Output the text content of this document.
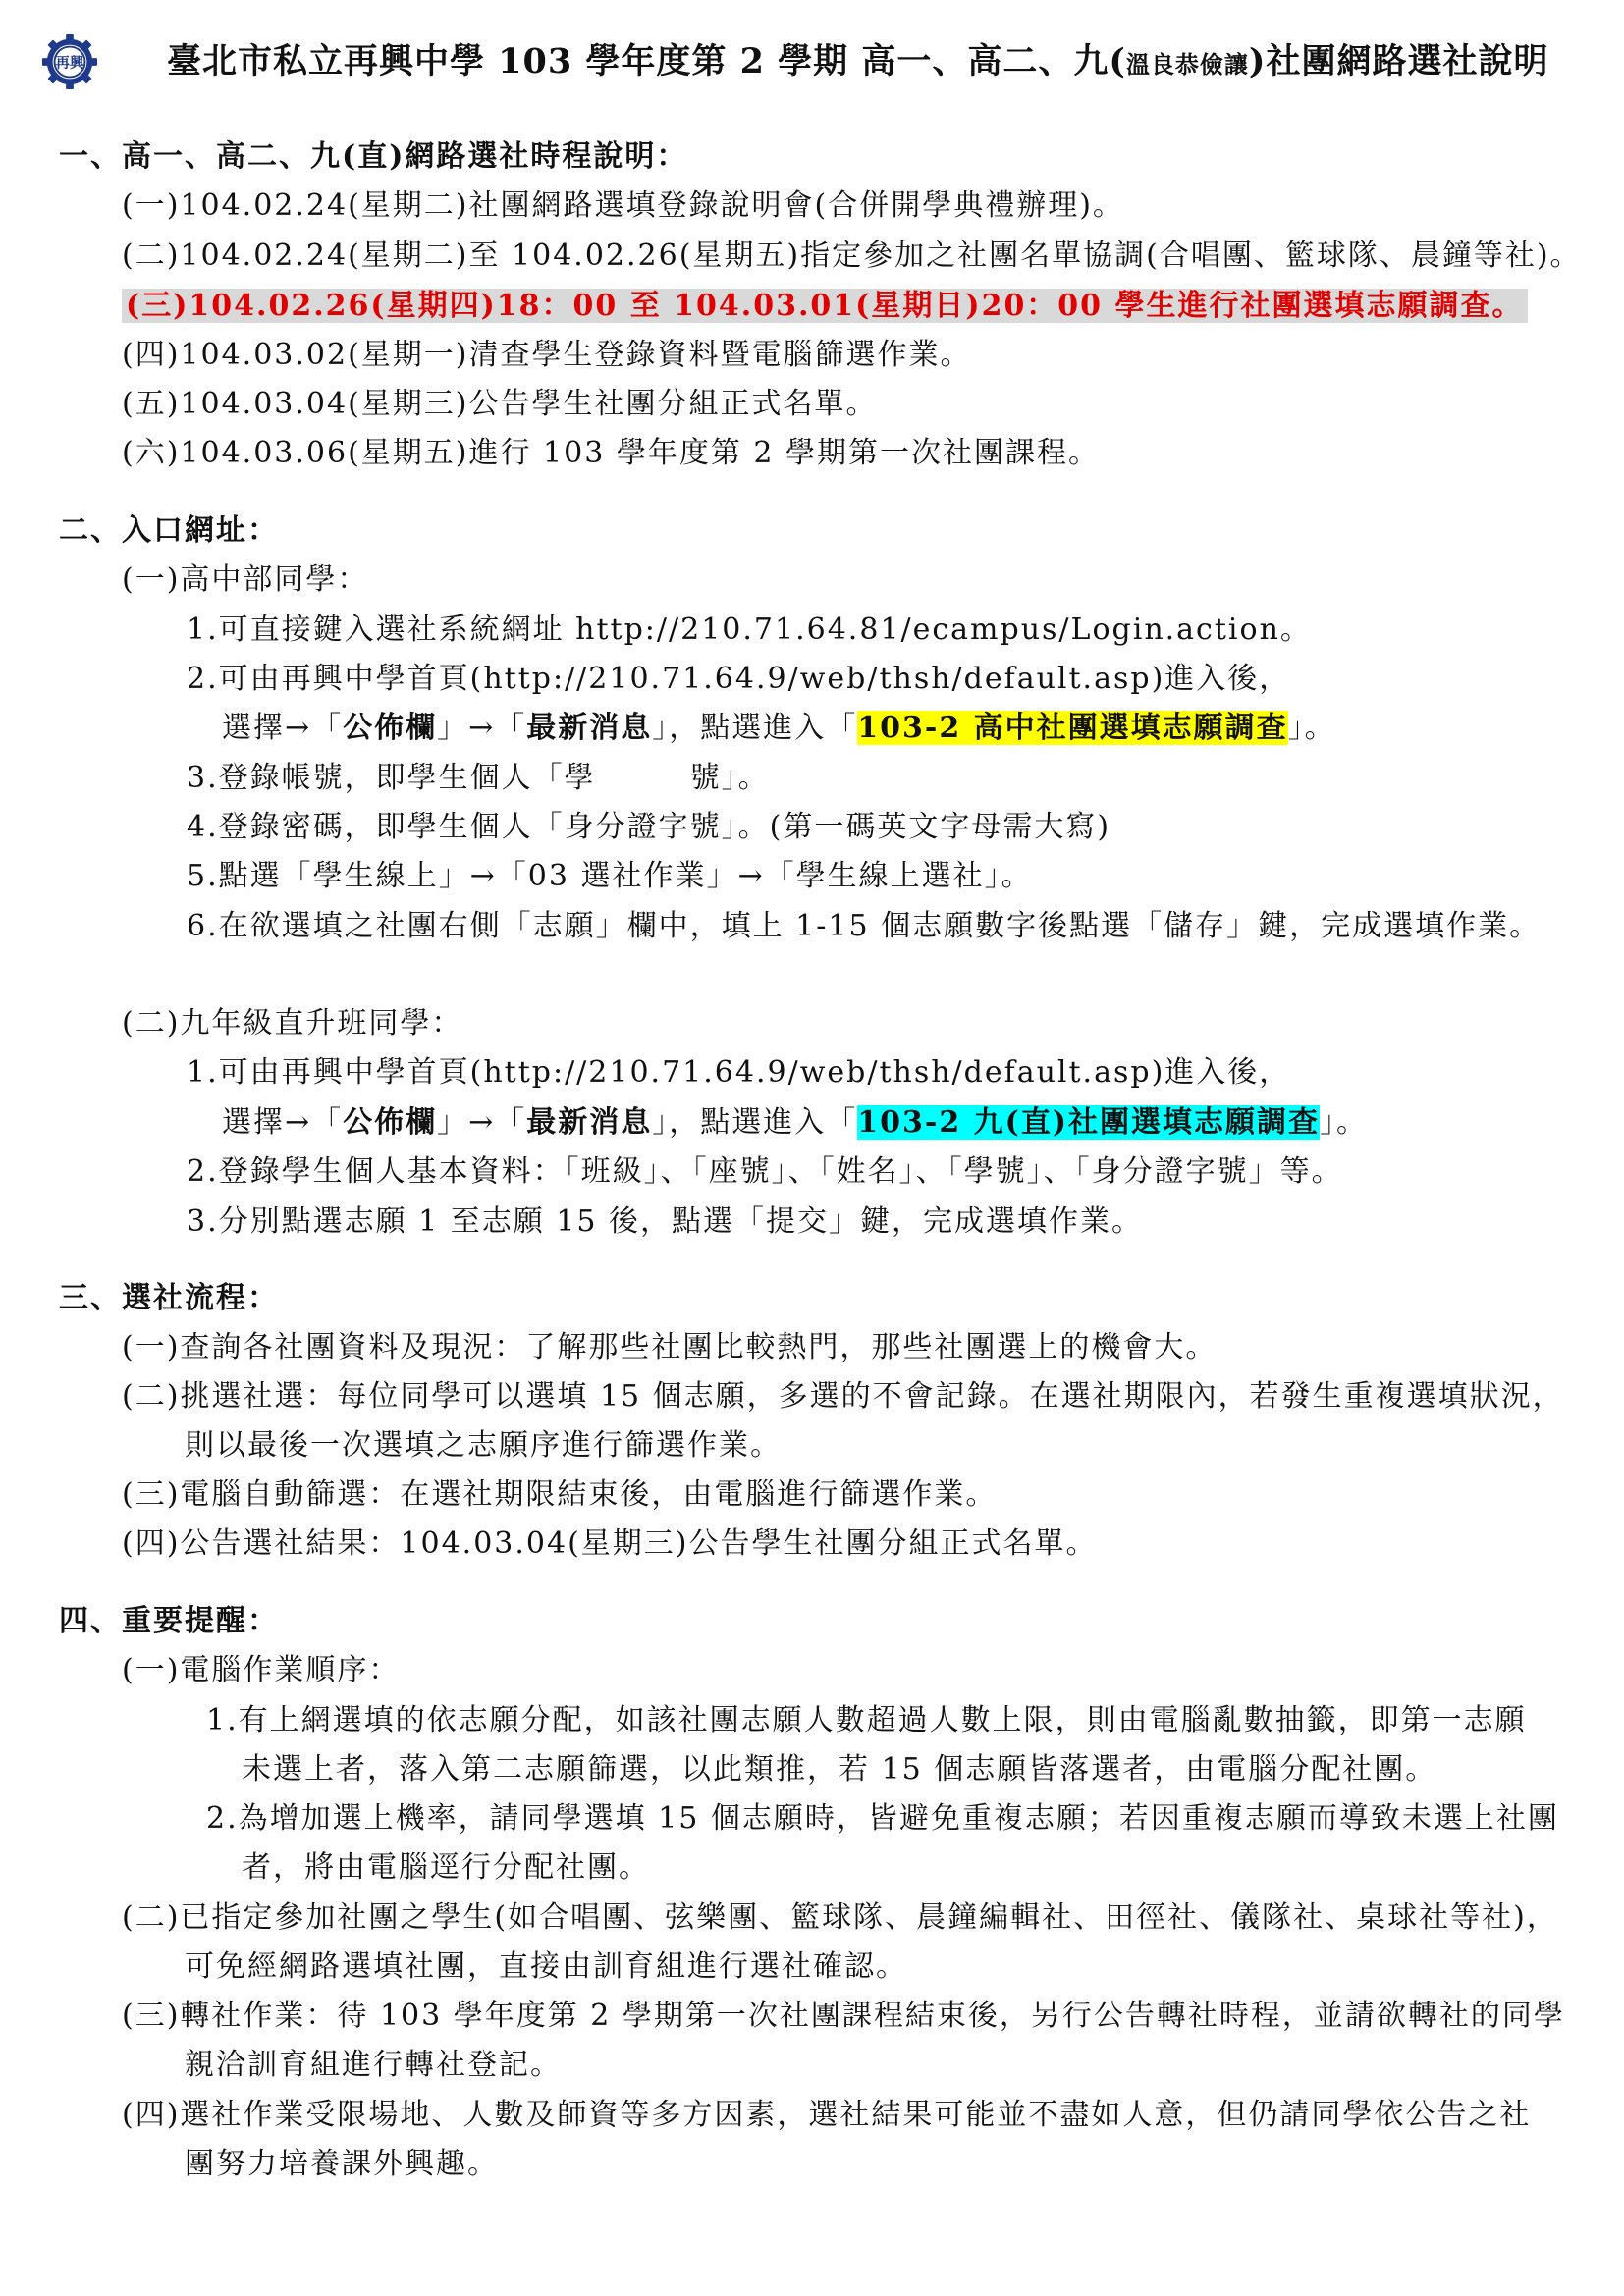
再興 臺北市私立再興中學 103 學年度第 2 學期 高一、高二、九(溫良恭儉讓)社團網路選社說明
一、高一、高二、九(直)網路選社時程說明：
(一)104.02.24(星期二)社團網路選填登錄說明會(合併開學典禮辦理)。
(二)104.02.24(星期二)至 104.02.26(星期五)指定參加之社團名單協調(合唱團、籃球隊、晨鐘等社)。
(三)104.02.26(星期四)18：00 至 104.03.01(星期日)20：00 學生進行社團選填志願調查。
(四)104.03.02(星期一)清查學生登錄資料暨電腦篩選作業。
(五)104.03.04(星期三)公告學生社團分組正式名單。
(六)104.03.06(星期五)進行 103 學年度第 2 學期第一次社團課程。
二、入口網址：
(一)高中部同學：
1.可直接鍵入選社系統網址 http://210.71.64.81/ecampus/Login.action。
2.可由再興中學首頁(http://210.71.64.9/web/thsh/default.asp)進入後，
選擇→「公佈欄」→「最新消息」，點選進入「103-2 高中社團選填志願調查」。
3.登錄帳號，即學生個人「學　　　號」。
4.登錄密碼，即學生個人「身分證字號」。(第一碼英文字母需大寫)
5.點選「學生線上」→「03 選社作業」→「學生線上選社」。
6.在欲選填之社團右側「志願」欄中，填上 1-15 個志願數字後點選「儲存」鍵，完成選填作業。
(二)九年級直升班同學：
1.可由再興中學首頁(http://210.71.64.9/web/thsh/default.asp)進入後，
選擇→「公佈欄」→「最新消息」，點選進入「103-2 九(直)社團選填志願調查」。
2.登錄學生個人基本資料：「班級」、「座號」、「姓名」、「學號」、「身分證字號」等。
3.分別點選志願 1 至志願 15 後，點選「提交」鍵，完成選填作業。
三、選社流程：
(一)查詢各社團資料及現況：了解那些社團比較熱門，那些社團選上的機會大。
(二)挑選社選：每位同學可以選填 15 個志願，多選的不會記錄。在選社期限內，若發生重複選填狀況，
則以最後一次選填之志願序進行篩選作業。
(三)電腦自動篩選：在選社期限結束後，由電腦進行篩選作業。
(四)公告選社結果：104.03.04(星期三)公告學生社團分組正式名單。
四、重要提醒：
(一)電腦作業順序：
1.有上網選填的依志願分配，如該社團志願人數超過人數上限，則由電腦亂數抽籤，即第一志願
未選上者，落入第二志願篩選，以此類推，若 15 個志願皆落選者，由電腦分配社團。
2.為增加選上機率，請同學選填 15 個志願時，皆避免重複志願；若因重複志願而導致未選上社團
者，將由電腦逕行分配社團。
(二)已指定參加社團之學生(如合唱團、弦樂團、籃球隊、晨鐘編輯社、田徑社、儀隊社、桌球社等社)，
可免經網路選填社團，直接由訓育組進行選社確認。
(三)轉社作業：待 103 學年度第 2 學期第一次社團課程結束後，另行公告轉社時程，並請欲轉社的同學
親洽訓育組進行轉社登記。
(四)選社作業受限場地、人數及師資等多方因素，選社結果可能並不盡如人意，但仍請同學依公告之社
團努力培養課外興趣。
